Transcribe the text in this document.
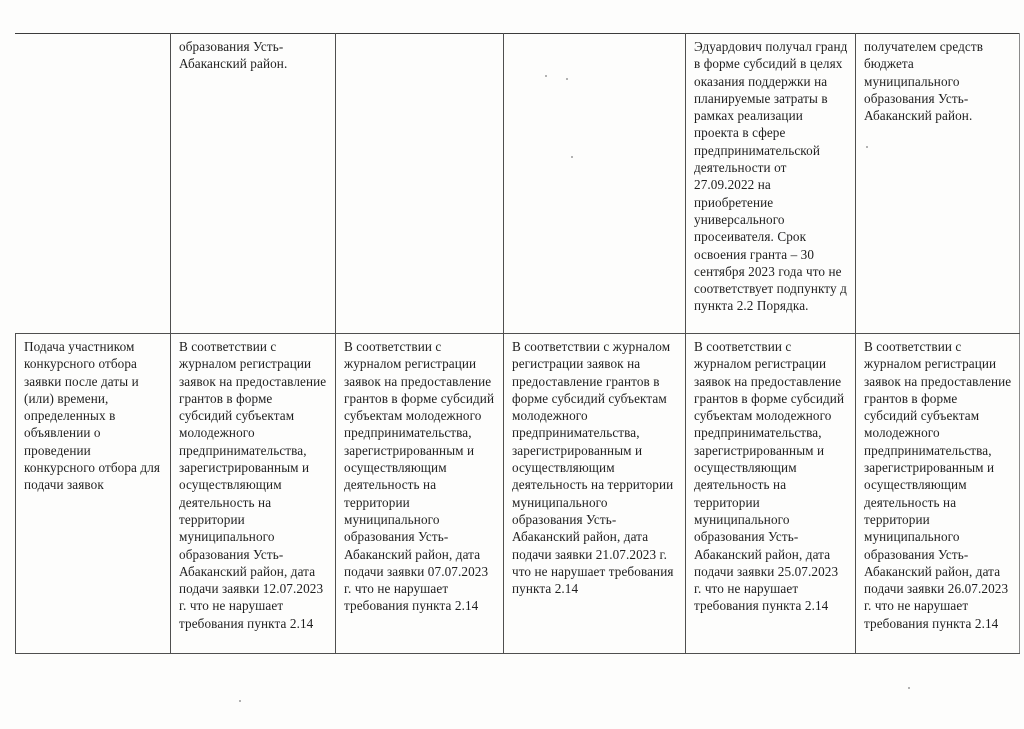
	образования Усть-Абаканский район.			Эдуардович получал гранд в форме субсидий в целях оказания поддержки на планируемые затраты в рамках реализации проекта в сфере предпринимательской деятельности от 27.09.2022 на приобретение универсального просеивателя. Срок освоения гранта – 30 сентября 2023 года что не соответствует подпункту д пункта 2.2 Порядка.	получателем средств бюджета муниципального образования Усть-Абаканский район.
Подача участником конкурсного отбора заявки после даты и (или) времени, определенных в объявлении о проведении конкурсного отбора для подачи заявок	В соответствии с журналом регистрации заявок на предоставление грантов в форме субсидий субъектам молодежного предпринимательства, зарегистрированным и осуществляющим деятельность на территории муниципального образования Усть-Абаканский район, дата подачи заявки 12.07.2023 г. что не нарушает требования пункта 2.14	В соответствии с журналом регистрации заявок на предоставление грантов в форме субсидий субъектам молодежного предпринимательства, зарегистрированным и осуществляющим деятельность на территории муниципального образования Усть-Абаканский район, дата подачи заявки 07.07.2023 г. что не нарушает требования пункта 2.14	В соответствии с журналом регистрации заявок на предоставление грантов в форме субсидий субъектам молодежного предпринимательства, зарегистрированным и осуществляющим деятельность на территории муниципального образования Усть-Абаканский район, дата подачи заявки 21.07.2023 г. что не нарушает требования пункта 2.14	В соответствии с журналом регистрации заявок на предоставление грантов в форме субсидий субъектам молодежного предпринимательства, зарегистрированным и осуществляющим деятельность на территории муниципального образования Усть-Абаканский район, дата подачи заявки 25.07.2023 г. что не нарушает требования пункта 2.14	В соответствии с журналом регистрации заявок на предоставление грантов в форме субсидий субъектам молодежного предпринимательства, зарегистрированным и осуществляющим деятельность на территории муниципального образования Усть-Абаканский район, дата подачи заявки 26.07.2023 г. что не нарушает требования пункта 2.14
